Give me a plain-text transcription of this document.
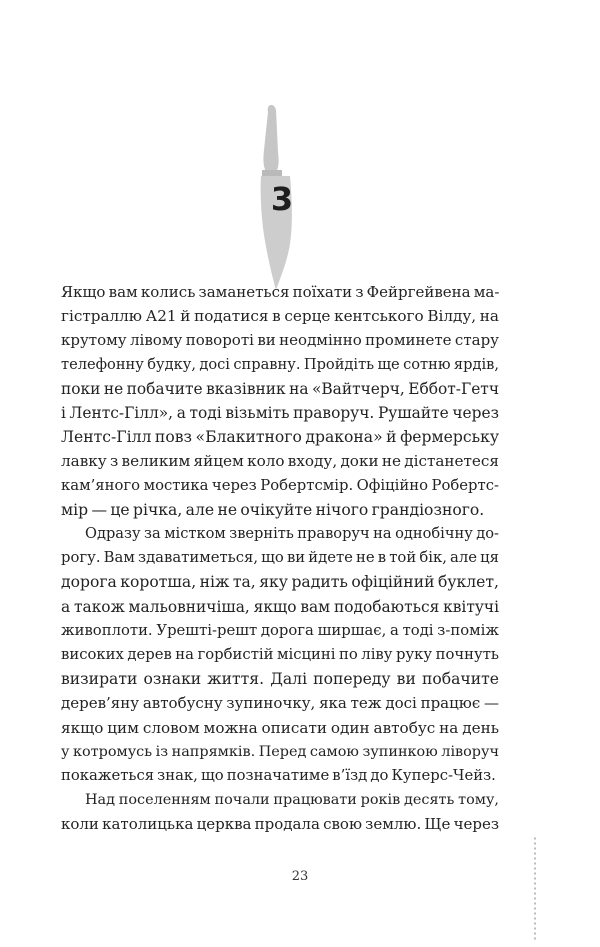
3

Якщо вам колись заманеться поїхати з Фейргейвена ма-
гістраллю А21 й податися в серце кентського Вілду, на
крутому лівому повороті ви неодмінно проминете стару
телефонну будку, досі справну. Пройдіть ще сотню ярдів,
поки не побачите вказівник на «Вайтчерч, Еббот-Гетч
і Лентс-Гілл», а тоді візьміть праворуч. Рушайте через
Лентс-Гілл повз «Блакитного дракона» й фермерську
лавку з великим яйцем коло входу, доки не дістанетеся
кам’яного мостика через Робертсмір. Офіційно Робертс-
мір — це річка, але не очікуйте нічого грандіозного.

Одразу за містком зверніть праворуч на однобічну до-
рогу. Вам здаватиметься, що ви йдете не в той бік, але ця
дорога коротша, ніж та, яку радить офіційний буклет,
а також мальовничіша, якщо вам подобаються квітучі
живоплоти. Урешті-решт дорога ширшає, а тоді з-поміж
високих дерев на горбистій місцині по ліву руку почнуть
визирати ознаки життя. Далі попереду ви побачите
дерев’яну автобусну зупиночку, яка теж досі працює —
якщо цим словом можна описати один автобус на день
у котромусь із напрямків. Перед самою зупинкою ліворуч
покажеться знак, що позначатиме в’їзд до Куперс-Чейз.

Над поселенням почали працювати років десять тому,
коли католицька церква продала свою землю. Ще через

23
